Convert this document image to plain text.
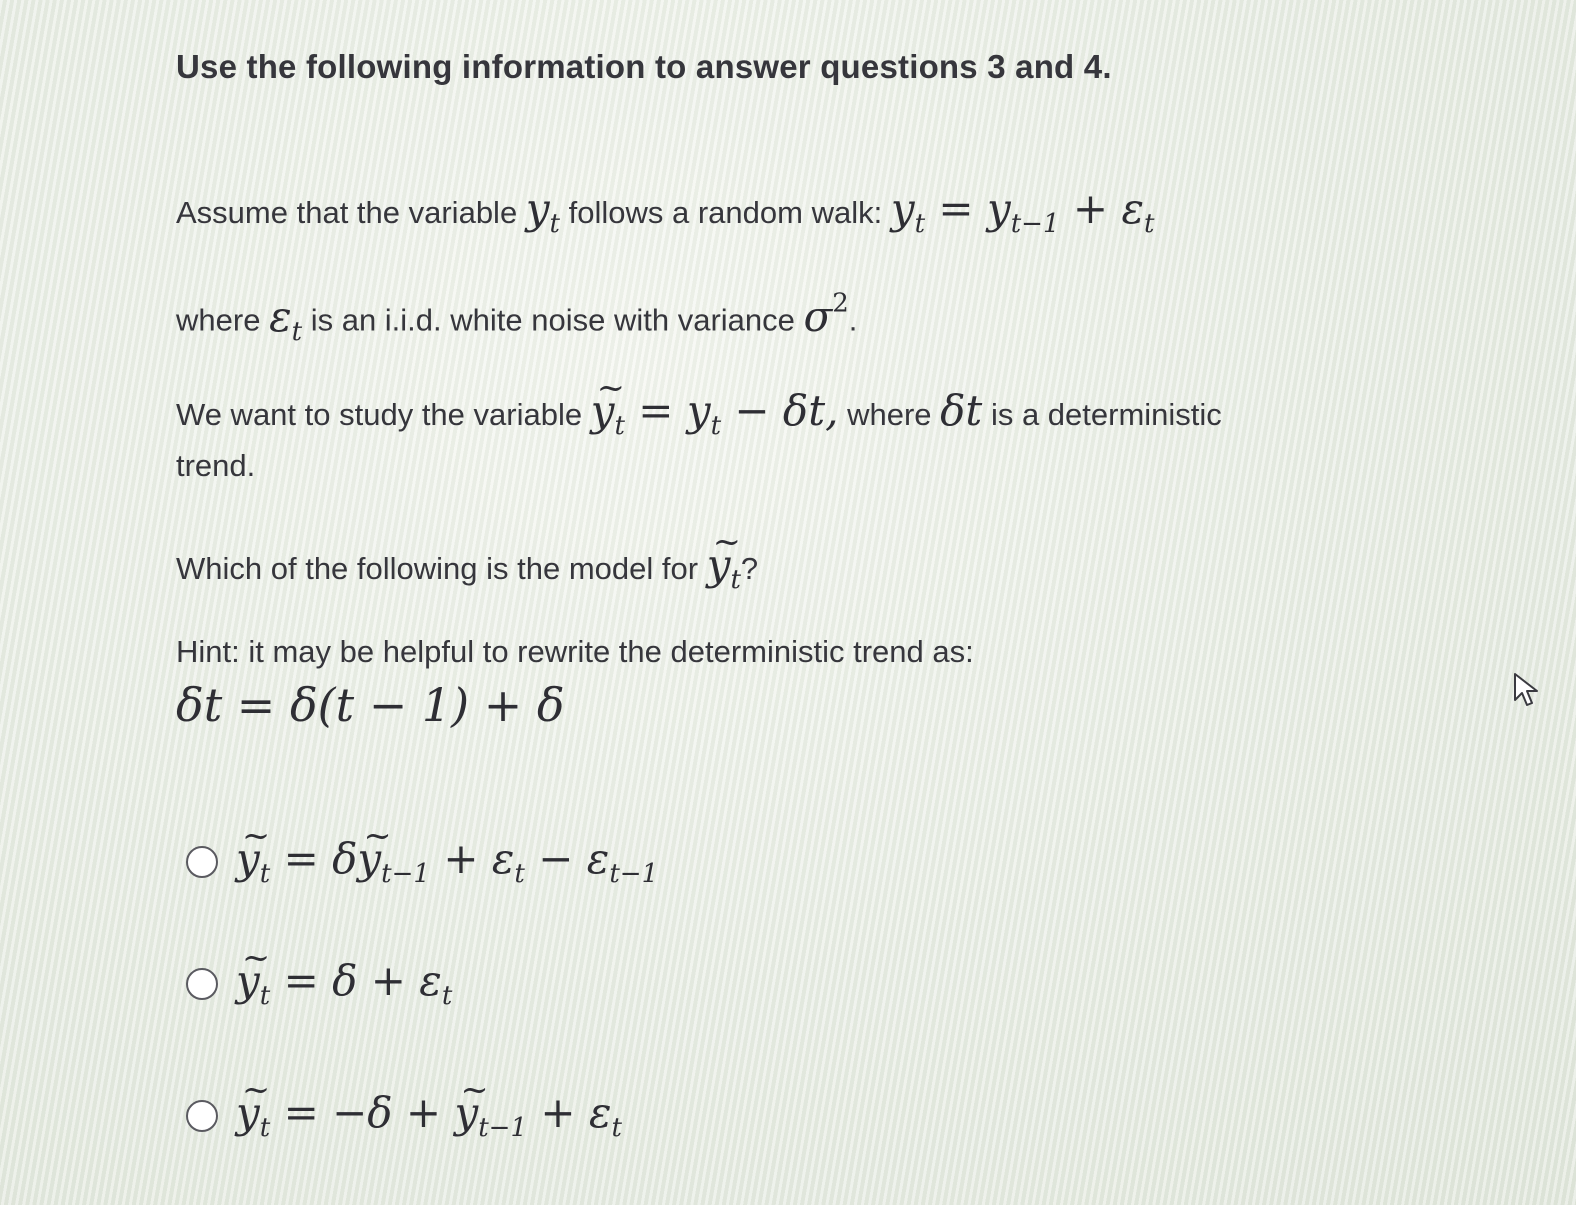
Use the following information to answer questions 3 and 4.
Assume that the variable $y_t$ follows a random walk: $y_t = y_{t-1} + \varepsilon_t$
where $\varepsilon_t$ is an i.i.d. white noise with variance $\sigma^2$.
We want to study the variable ~ $y_t = y_t - \delta t$, where δt is a deterministic
trend.
Which of the following is the model for ~ $y_t$?
Hint: it may be helpful to rewrite the deterministic trend as:
δt = δ(t − 1) + δ
~ $y_t$ = δ~ $y_{t-1} + \varepsilon_t - \varepsilon_{t-1}$
~ $y_t = \delta + \varepsilon_t$
~ $y_t = -\delta$ + ~ $y_{t-1} + \varepsilon_t$
